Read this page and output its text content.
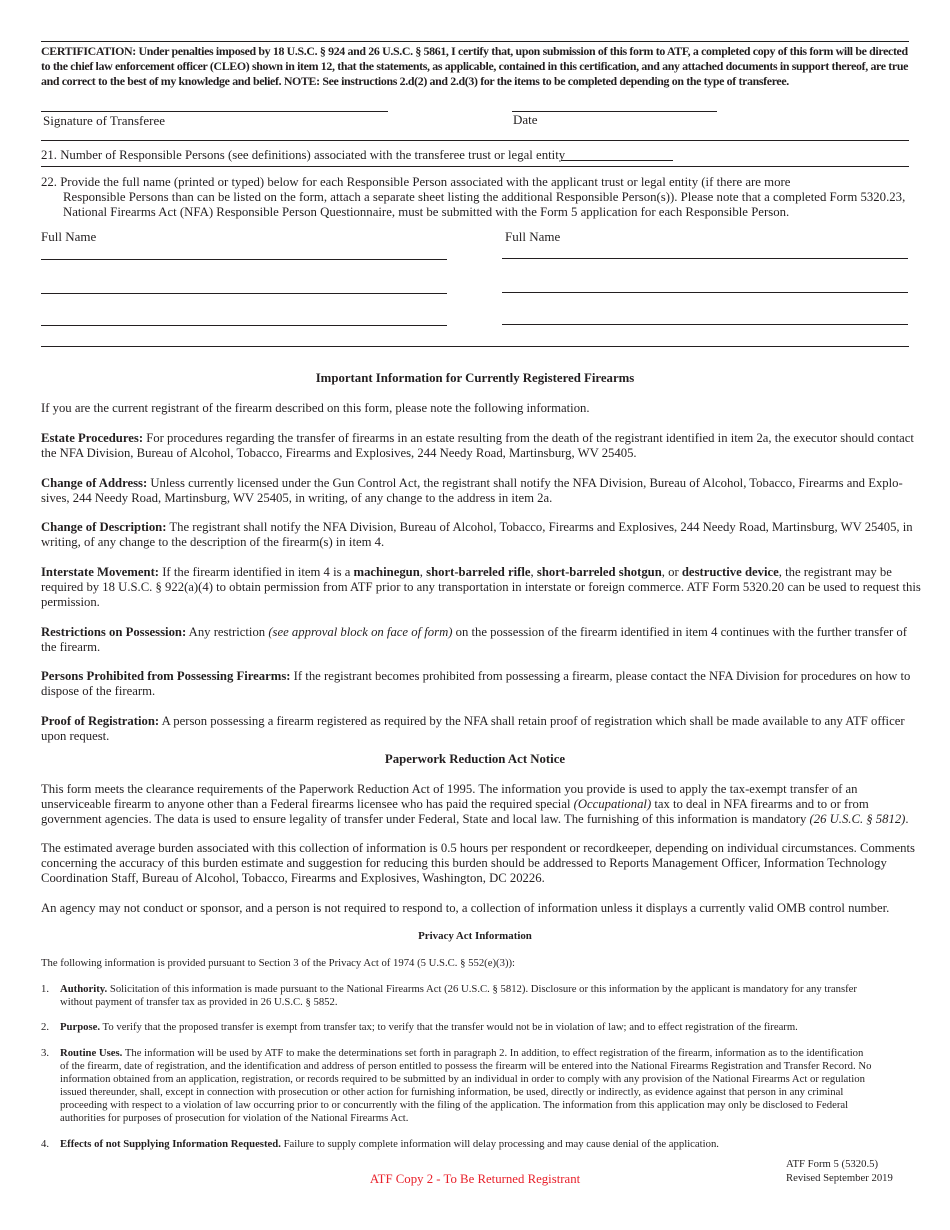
CERTIFICATION: Under penalties imposed by 18 U.S.C. § 924 and 26 U.S.C. § 5861, I certify that, upon submission of this form to ATF, a completed copy of this form will be directed
to the chief law enforcement officer (CLEO) shown in item 12, that the statements, as applicable, contained in this certification, and any attached documents in support thereof, are true
and correct to the best of my knowledge and belief. NOTE: See instructions 2.d(2) and 2.d(3) for the items to be completed depending on the type of transferee.
Signature of Transferee	Date
21. Number of Responsible Persons (see definitions) associated with the transferee trust or legal entity
22. Provide the full name (printed or typed) below for each Responsible Person associated with the applicant trust or legal entity (if there are more
Responsible Persons than can be listed on the form, attach a separate sheet listing the additional Responsible Person(s)). Please note that a completed Form 5320.23,
National Firearms Act (NFA) Responsible Person Questionnaire, must be submitted with the Form 5 application for each Responsible Person.
Full Name	Full Name
Important Information for Currently Registered Firearms
If you are the current registrant of the firearm described on this form, please note the following information.
Estate Procedures: For procedures regarding the transfer of firearms in an estate resulting from the death of the registrant identified in item 2a, the executor should contact
the NFA Division, Bureau of Alcohol, Tobacco, Firearms and Explosives, 244 Needy Road, Martinsburg, WV 25405.
Change of Address: Unless currently licensed under the Gun Control Act, the registrant shall notify the NFA Division, Bureau of Alcohol, Tobacco, Firearms and Explo-
sives, 244 Needy Road, Martinsburg, WV 25405, in writing, of any change to the address in item 2a.
Change of Description: The registrant shall notify the NFA Division, Bureau of Alcohol, Tobacco, Firearms and Explosives, 244 Needy Road, Martinsburg, WV 25405, in
writing, of any change to the description of the firearm(s) in item 4.
Interstate Movement: If the firearm identified in item 4 is a machinegun, short-barreled rifle, short-barreled shotgun, or destructive device, the registrant may be
required by 18 U.S.C. § 922(a)(4) to obtain permission from ATF prior to any transportation in interstate or foreign commerce. ATF Form 5320.20 can be used to request this
permission.
Restrictions on Possession: Any restriction (see approval block on face of form) on the possession of the firearm identified in item 4 continues with the further transfer of
the firearm.
Persons Prohibited from Possessing Firearms: If the registrant becomes prohibited from possessing a firearm, please contact the NFA Division for procedures on how to
dispose of the firearm.
Proof of Registration: A person possessing a firearm registered as required by the NFA shall retain proof of registration which shall be made available to any ATF officer
upon request.
Paperwork Reduction Act Notice
This form meets the clearance requirements of the Paperwork Reduction Act of 1995. The information you provide is used to apply the tax-exempt transfer of an
unserviceable firearm to anyone other than a Federal firearms licensee who has paid the required special (Occupational) tax to deal in NFA firearms and to or from
government agencies. The data is used to ensure legality of transfer under Federal, State and local law. The furnishing of this information is mandatory (26 U.S.C. § 5812).
The estimated average burden associated with this collection of information is 0.5 hours per respondent or recordkeeper, depending on individual circumstances. Comments
concerning the accuracy of this burden estimate and suggestion for reducing this burden should be addressed to Reports Management Officer, Information Technology
Coordination Staff, Bureau of Alcohol, Tobacco, Firearms and Explosives, Washington, DC 20226.
An agency may not conduct or sponsor, and a person is not required to respond to, a collection of information unless it displays a currently valid OMB control number.
Privacy Act Information
The following information is provided pursuant to Section 3 of the Privacy Act of 1974 (5 U.S.C. § 552(e)(3)):
1. Authority. Solicitation of this information is made pursuant to the National Firearms Act (26 U.S.C. § 5812). Disclosure or this information by the applicant is mandatory for any transfer
without payment of transfer tax as provided in 26 U.S.C. § 5852.
2. Purpose. To verify that the proposed transfer is exempt from transfer tax; to verify that the transfer would not be in violation of law; and to effect registration of the firearm.
3. Routine Uses. The information will be used by ATF to make the determinations set forth in paragraph 2. In addition, to effect registration of the firearm, information as to the identification
of the firearm, date of registration, and the identification and address of person entitled to possess the firearm will be entered into the National Firearms Registration and Transfer Record. No
information obtained from an application, registration, or records required to be submitted by an individual in order to comply with any provision of the National Firearms Act or regulation
issued thereunder, shall, except in connection with prosecution or other action for furnishing information, be used, directly or indirectly, as evidence against that person in any criminal
proceeding with respect to a violation of law occurring prior to or concurrently with the filing of the application. The information from this application may only be disclosed to Federal
authorities for purposes of prosecution for violation of the National Firearms Act.
4. Effects of not Supplying Information Requested. Failure to supply complete information will delay processing and may cause denial of the application.
ATF Copy 2 - To Be Returned Registrant
ATF Form 5 (5320.5)
Revised September 2019
